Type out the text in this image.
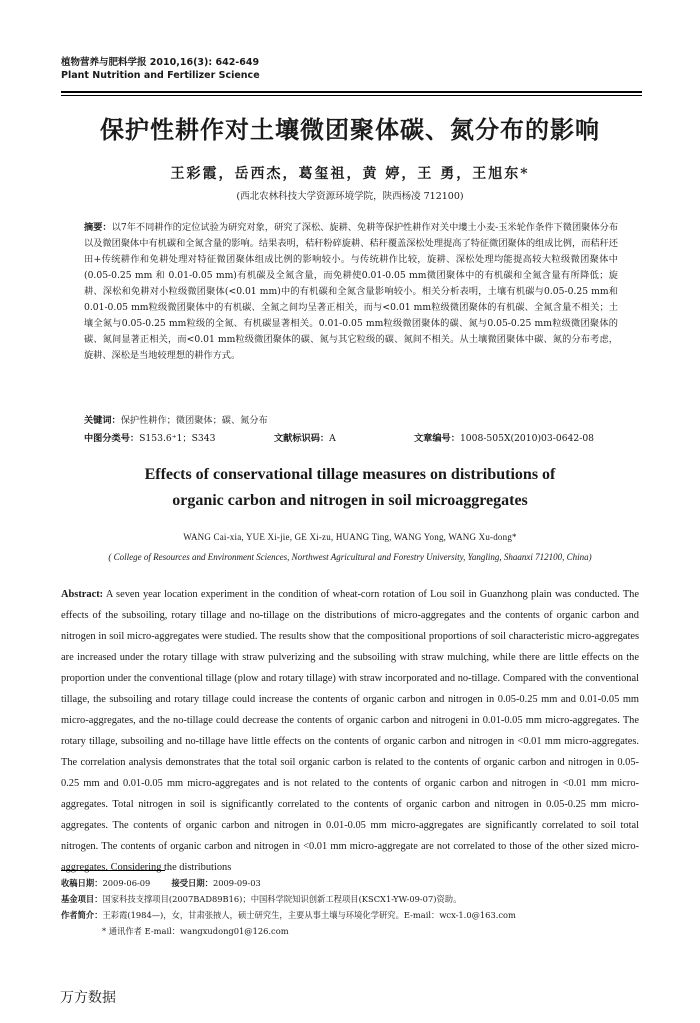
植物营养与肥料学报 2010,16(3): 642-649
Plant Nutrition and Fertilizer Science
保护性耕作对土壤微团聚体碳、氮分布的影响
王彩霞，岳西杰，葛玺祖，黄 婷，王 勇，王旭东*
(西北农林科技大学资源环境学院，陕西杨凌 712100)
摘要：以7年不同耕作的定位试验为研究对象，研究了深松、旋耕、免耕等保护性耕作对关中塿土小麦-玉米轮作条件下微团聚体分布以及微团聚体中有机碳和全氮含量的影响。结果表明，秸秆粉碎旋耕、秸秆覆盖深松处理提高了特征微团聚体的组成比例，而秸秆还田+传统耕作和免耕处理对特征微团聚体组成比例的影响较小。与传统耕作比较，旋耕、深松处理均能提高较大粒级微团聚体中(0.05-0.25 mm 和 0.01-0.05 mm)有机碳及全氮含量，而免耕使0.01-0.05 mm微团聚体中的有机碳和全氮含量有所降低；旋耕、深松和免耕对小粒级微团聚体(<0.01 mm)中的有机碳和全氮含量影响较小。相关分析表明，土壤有机碳与0.05-0.25 mm和0.01-0.05 mm粒级微团聚体中的有机碳、全氮之间均呈著正相关，而与<0.01 mm粒级微团聚体的有机碳、全氮含量不相关；土壤全氮与0.05-0.25 mm粒级的全氮、有机碳显著相关。0.01-0.05 mm粒级微团聚体的碳、氮与0.05-0.25 mm粒级微团聚体的碳、氮间显著正相关，而<0.01 mm粒级微团聚体的碳、氮与其它粒级的碳、氮间不相关。从土壤微团聚体中碳、氮的分布考虑，旋耕、深松是当地较理想的耕作方式。
关键词：保护性耕作；微团聚体；碳、氮分布
中图分类号：S153.6⁺1；S343	文献标识码：A	文章编号：1008-505X(2010)03-0642-08
Effects of conservational tillage measures on distributions of
organic carbon and nitrogen in soil microaggregates
WANG Cai-xia, YUE Xi-jie, GE Xi-zu, HUANG Ting, WANG Yong, WANG Xu-dong*
( College of Resources and Environment Sciences, Northwest Agricultural and Forestry University, Yangling, Shaanxi 712100, China)
Abstract: A seven year location experiment in the condition of wheat-corn rotation of Lou soil in Guanzhong plain was conducted. The effects of the subsoiling, rotary tillage and no-tillage on the distributions of micro-aggregates and the contents of organic carbon and nitrogen in soil micro-aggregates were studied. The results show that the compositional proportions of soil characteristic micro-aggregates are increased under the rotary tillage with straw pulverizing and the subsoiling with straw mulching, while there are little effects on the proportion under the conventional tillage (plow and rotary tillage) with straw incorporated and no-tillage. Compared with the conventional tillage, the subsoiling and rotary tillage could increase the contents of organic carbon and nitrogen in 0.05-0.25 mm and 0.01-0.05 mm micro-aggregates, and the no-tillage could decrease the contents of organic carbon and nitrogeni in 0.01-0.05 mm micro-aggregates. The rotary tillage, subsoiling and no-tillage have little effects on the contents of organic carbon and nitrogen in <0.01 mm micro-aggregates. The correlation analysis demonstrates that the total soil organic carbon is related to the contents of organic carbon and nitrogen in 0.05-0.25 mm and 0.01-0.05 mm micro-aggregates and is not related to the contents of organic carbon and nitrogen in <0.01 mm micro-aggregates. Total nitrogen in soil is significantly correlated to the contents of organic carbon and nitrogen in 0.05-0.25 mm micro-aggregates. The contents of organic carbon and nitrogen in 0.01-0.05 mm micro-aggregates are significantly correlated to soil total nitrogen. The contents of organic carbon and nitrogen in <0.01 mm micro-aggregate are not correlated to those of the other sized micro-aggregates. Considering the distributions
收稿日期：2009-06-09	接受日期：2009-09-03
基金项目：国家科技支撑项目(2007BAD89B16)；中国科学院知识创新工程项目(KSCX1-YW-09-07)资助。
作者简介：王彩霞(1984—)，女，甘肃张掖人，硕士研究生，主要从事土壤与环境化学研究。E-mail：wcx-1.0@163.com
* 通讯作者 E-mail：wangxudong01@126.com
万方数据
